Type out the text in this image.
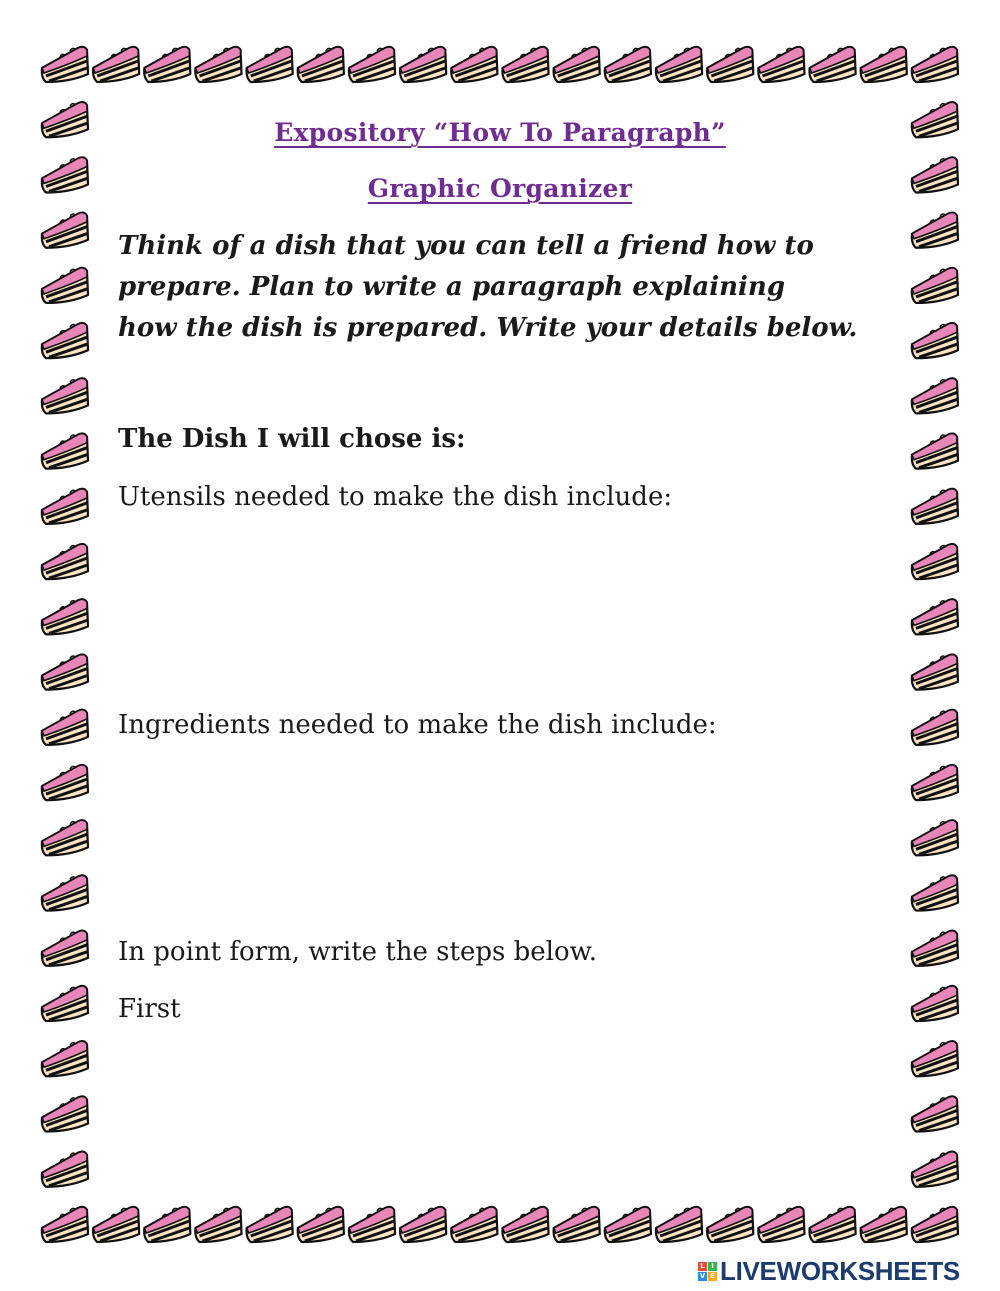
Expository “How To Paragraph”
Graphic Organizer
Think of a dish that you can tell a friend how to
prepare. Plan to write a paragraph explaining
how the dish is prepared. Write your details below.
The Dish I will chose is:
Utensils needed to make the dish include:
Ingredients needed to make the dish include:
In point form, write the steps below.
First
L I
V E LIVEWORKSHEETS
